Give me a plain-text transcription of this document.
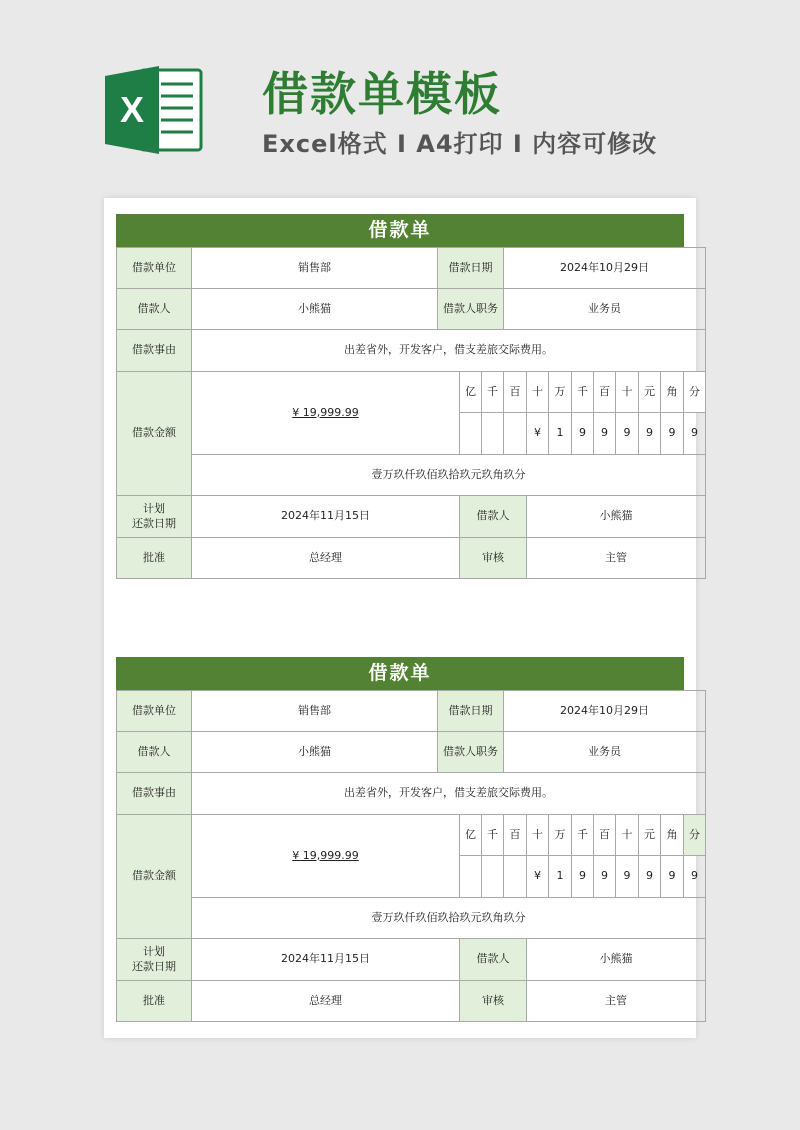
X	借款单模板
Excel格式 I A4打印 I 内容可修改
借款单
借款单位	销售部	借款日期			2024年10月29日								
借款人	小熊猫	借款人职务			业务员								
借款事由	出差省外，开发客户，借支差旅交际费用。												
借款金额	¥ 19,999.99		亿	千	百	十	万	千	百	十	元	角	分
						¥	1	9	9	9	9	9	9
	壹万玖仟玖佰玖拾玖元玖角玖分												
计划
还款日期	2024年11月15日		借款人			小熊猫							
批准	总经理		审核			主管							
借款单
借款单位	销售部	借款日期			2024年10月29日								
借款人	小熊猫	借款人职务			业务员								
借款事由	出差省外，开发客户，借支差旅交际费用。												
借款金额	¥ 19,999.99		亿	千	百	十	万	千	百	十	元	角	分
						¥	1	9	9	9	9	9	9
	壹万玖仟玖佰玖拾玖元玖角玖分												
计划
还款日期	2024年11月15日		借款人			小熊猫							
批准	总经理		审核			主管							
